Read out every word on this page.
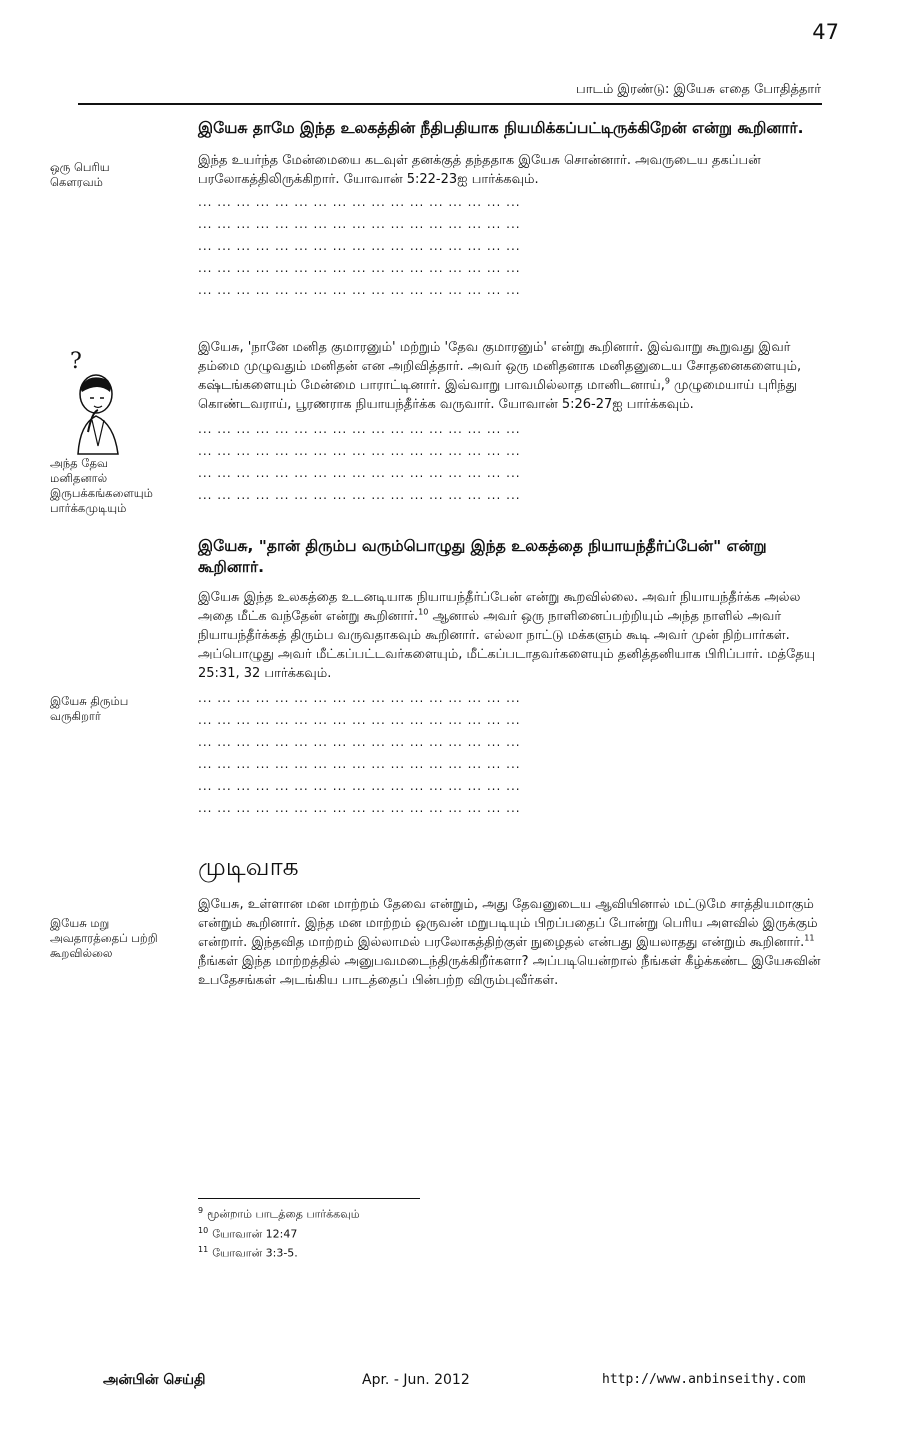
47
பாடம் இரண்டு: இயேசு எதை போதித்தார்
ஒரு பெரிய கௌரவம்
?
அந்த தேவ மனிதனால் இருபக்கங்களையும் பார்க்கமுடியும்
இயேசு திரும்ப வருகிறார்
இயேசு மறு அவதாரத்தைப் பற்றி கூறவில்லை

இயேசு தாமே இந்த உலகத்தின் நீதிபதியாக நியமிக்கப்பட்டிருக்கிறேன் என்று கூறினார்.

இந்த உயர்ந்த மேன்மையை கடவுள் தனக்குத் தந்ததாக இயேசு சொன்னார். அவருடைய தகப்பன் பரலோகத்திலிருக்கிறார். யோவான் 5:22-23ஐ பார்க்கவும்.

... ... ... ... ... ... ... ... ... ... ... ... ... ... ... ... ...
... ... ... ... ... ... ... ... ... ... ... ... ... ... ... ... ...
... ... ... ... ... ... ... ... ... ... ... ... ... ... ... ... ...
... ... ... ... ... ... ... ... ... ... ... ... ... ... ... ... ...
... ... ... ... ... ... ... ... ... ... ... ... ... ... ... ... ...

இயேசு, 'நானே மனித குமாரனும்' மற்றும் 'தேவ குமாரனும்' என்று கூறினார். இவ்வாறு கூறுவது இவர் தம்மை முழுவதும் மனிதன் என அறிவித்தார். அவர் ஒரு மனிதனாக மனிதனுடைய சோதனைகளையும், கஷ்டங்களையும் மேன்மை பாராட்டினார். இவ்வாறு பாவமில்லாத மானிடனாய்,$^9$ முழுமையாய் புரிந்து கொண்டவராய், பூரணராக நியாயந்தீர்க்க வருவார். யோவான் 5:26-27ஐ பார்க்கவும்.

... ... ... ... ... ... ... ... ... ... ... ... ... ... ... ... ...
... ... ... ... ... ... ... ... ... ... ... ... ... ... ... ... ...
... ... ... ... ... ... ... ... ... ... ... ... ... ... ... ... ...
... ... ... ... ... ... ... ... ... ... ... ... ... ... ... ... ...

இயேசு, "தான் திரும்ப வரும்பொழுது இந்த உலகத்தை நியாயந்தீர்ப்பேன்" என்று கூறினார்.

இயேசு இந்த உலகத்தை உடனடியாக நியாயந்தீர்ப்பேன் என்று கூறவில்லை. அவர் நியாயந்தீர்க்க அல்ல அதை மீட்க வந்தேன் என்று கூறினார்.$^{10}$ ஆனால் அவர் ஒரு நாளினைப்பற்றியும் அந்த நாளில் அவர் நியாயந்தீர்க்கத் திரும்ப வருவதாகவும் கூறினார். எல்லா நாட்டு மக்களும் கூடி அவர் முன் நிற்பார்கள். அப்பொழுது அவர் மீட்கப்பட்டவர்களையும், மீட்கப்படாதவர்களையும் தனித்தனியாக பிரிப்பார். மத்தேயு 25:31, 32 பார்க்கவும்.

... ... ... ... ... ... ... ... ... ... ... ... ... ... ... ... ...
... ... ... ... ... ... ... ... ... ... ... ... ... ... ... ... ...
... ... ... ... ... ... ... ... ... ... ... ... ... ... ... ... ...
... ... ... ... ... ... ... ... ... ... ... ... ... ... ... ... ...
... ... ... ... ... ... ... ... ... ... ... ... ... ... ... ... ...
... ... ... ... ... ... ... ... ... ... ... ... ... ... ... ... ...
முடிவாக

இயேசு, உள்ளான மன மாற்றம் தேவை என்றும், அது தேவனுடைய ஆவியினால் மட்டுமே சாத்தியமாகும் என்றும் கூறினார். இந்த மன மாற்றம் ஒருவன் மறுபடியும் பிறப்பதைப் போன்று பெரிய அளவில் இருக்கும் என்றார். இந்தவித மாற்றம் இல்லாமல் பரலோகத்திற்குள் நுழைதல் என்பது இயலாதது என்றும் கூறினார்.$^{11}$ நீங்கள் இந்த மாற்றத்தில் அனுபவமடைந்திருக்கிறீர்களா? அப்படியென்றால் நீங்கள் கீழ்க்கண்ட இயேசுவின் உபதேசங்கள் அடங்கிய பாடத்தைப் பின்பற்ற விரும்புவீர்கள்.

$^9$ மூன்றாம் பாடத்தை பார்க்கவும்
$^{10}$ யோவான் 12:47
$^{11}$ யோவான் 3:3-5.
அன்பின் செய்தி	Apr. - Jun. 2012	http://www.anbinseithy.com
